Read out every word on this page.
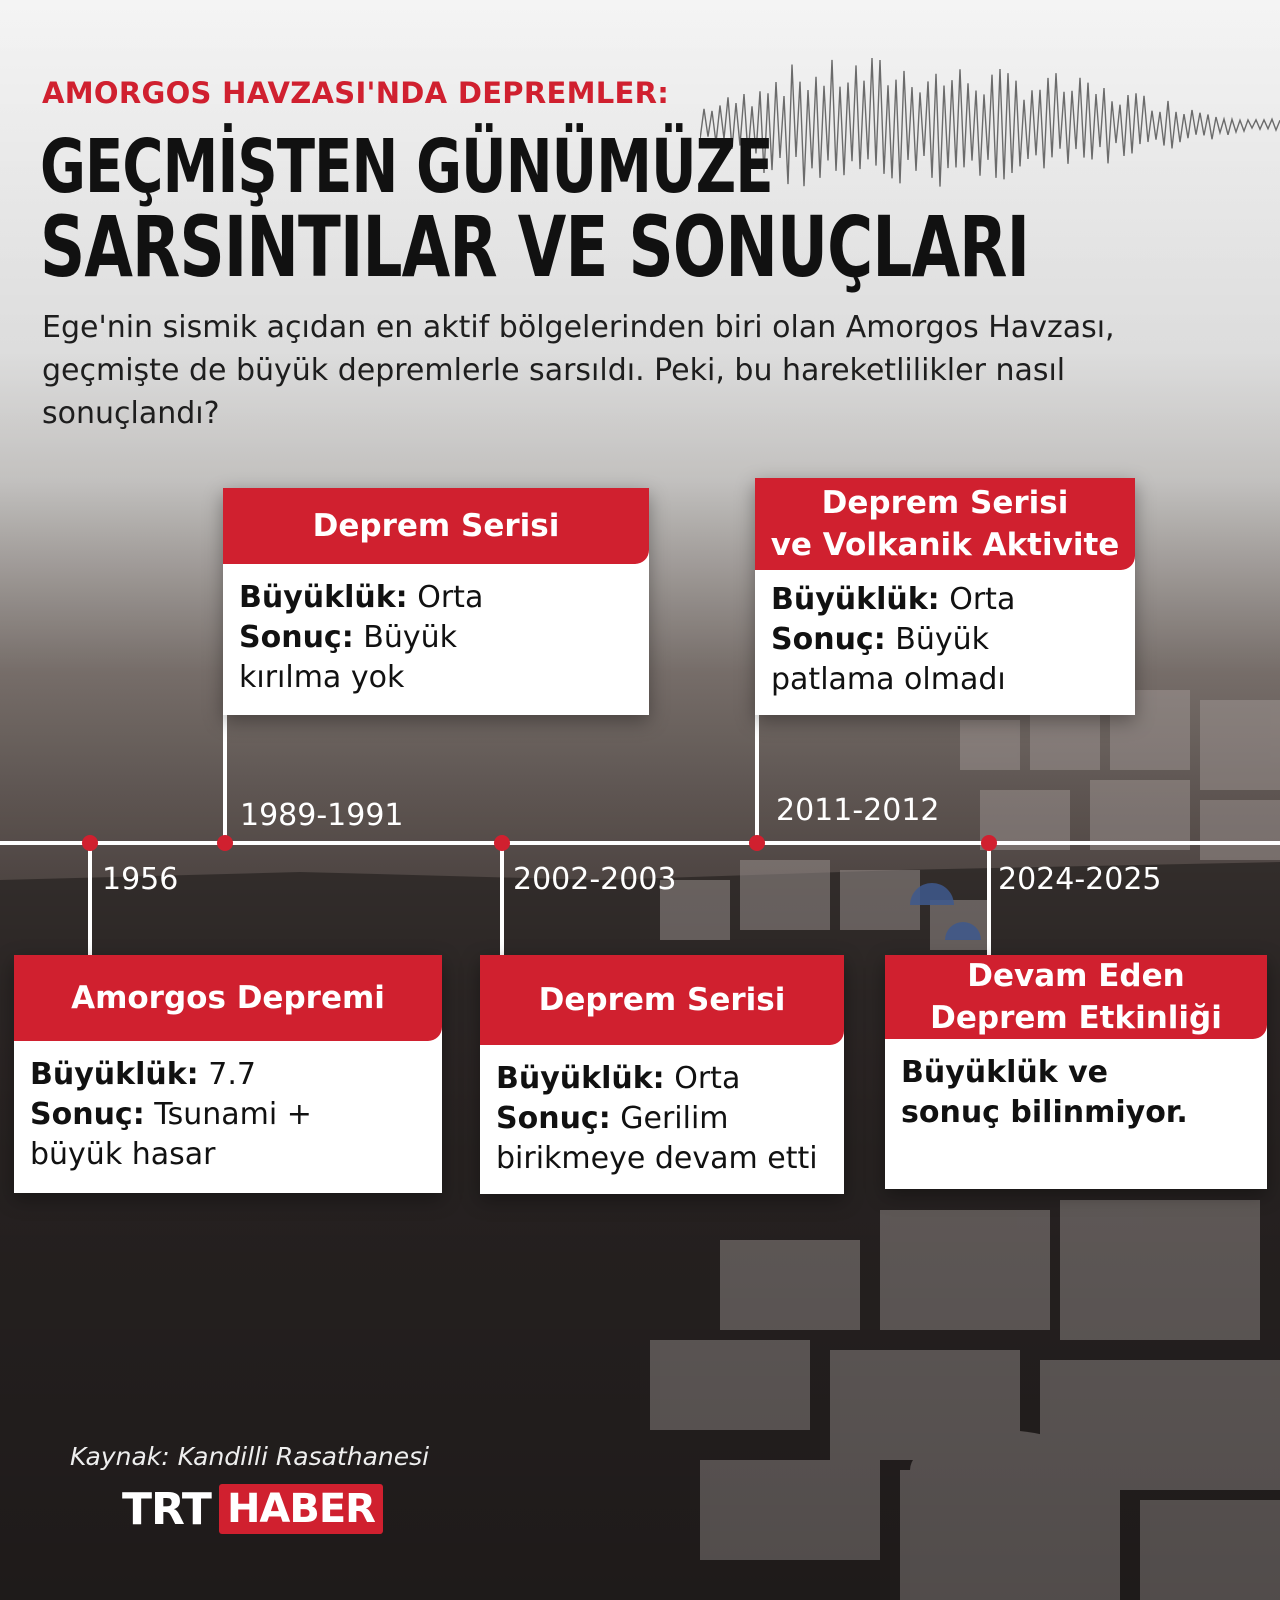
AMORGOS HAVZASI'NDA DEPREMLER:
GEÇMİŞTEN GÜNÜMÜZE
SARSINTILAR VE SONUÇLARI

Ege'nin sismik açıdan en aktif bölgelerinden biri olan Amorgos Havzası, geçmişte de büyük depremlerle sarsıldı. Peki, bu hareketlilikler nasıl sonuçlandı?

1956
1989-1991
2002-2003
2011-2012
2024-2025
Deprem Serisi
Büyüklük: Orta
Sonuç: Büyük
kırılma yok
Deprem Serisi
ve Volkanik Aktivite
Büyüklük: Orta
Sonuç: Büyük
patlama olmadı
Amorgos Depremi
Büyüklük: 7.7
Sonuç: Tsunami +
büyük hasar
Deprem Serisi
Büyüklük: Orta
Sonuç: Gerilim
birikmeye devam etti
Devam Eden
Deprem Etkinliği
Büyüklük ve
sonuç bilinmiyor.

Kaynak: Kandilli Rasathanesi

TRT HABER
